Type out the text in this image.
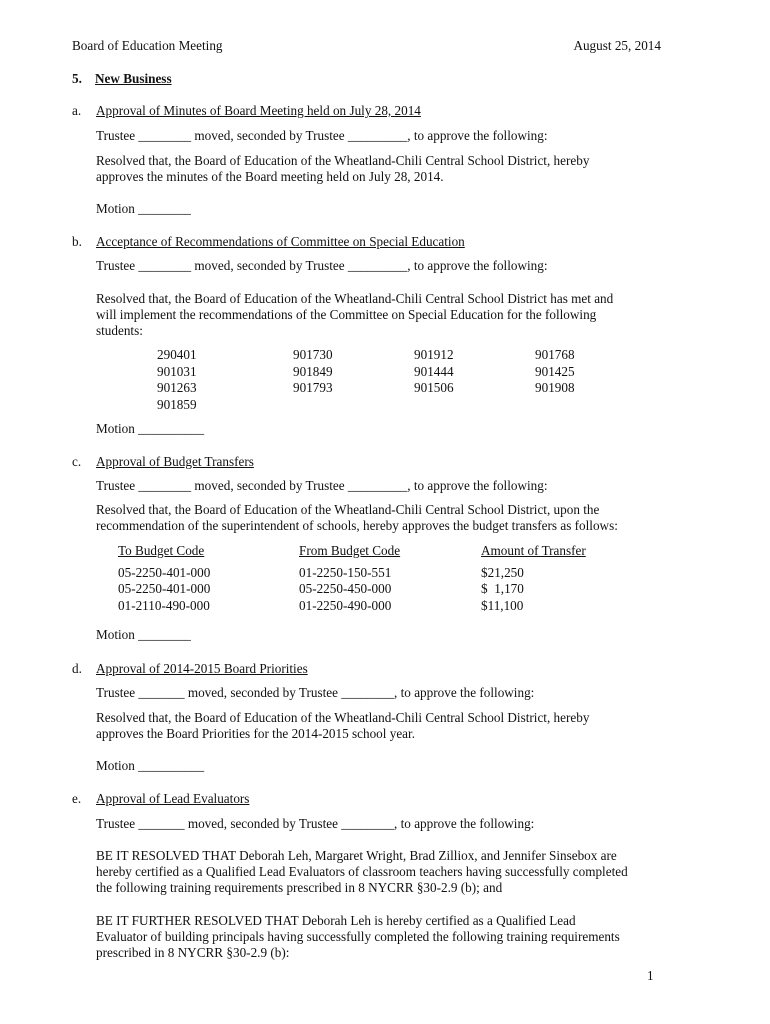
Board of Education Meeting	August 25, 2014
5. New Business
a. Approval of Minutes of Board Meeting held on July 28, 2014
Trustee ________ moved, seconded by Trustee _________, to approve the following:
Resolved that, the Board of Education of the Wheatland-Chili Central School District, hereby
approves the minutes of the Board meeting held on July 28, 2014.
Motion ________
b. Acceptance of Recommendations of Committee on Special Education
Trustee ________ moved, seconded by Trustee _________, to approve the following:
Resolved that, the Board of Education of the Wheatland-Chili Central School District has met and
will implement the recommendations of the Committee on Special Education for the following
students:
290401
901031
901263
901859
901730
901849
901793
901912
901444
901506
901768
901425
901908
Motion __________
c. Approval of Budget Transfers
Trustee ________ moved, seconded by Trustee _________, to approve the following:
Resolved that, the Board of Education of the Wheatland-Chili Central School District, upon the
recommendation of the superintendent of schools, hereby approves the budget transfers as follows:
To Budget Code
05-2250-401-000
05-2250-401-000
01-2110-490-000
From Budget Code
01-2250-150-551
05-2250-450-000
01-2250-490-000
Amount of Transfer
$21,250
$  1,170
$11,100
Motion ________
d. Approval of 2014-2015 Board Priorities
Trustee _______ moved, seconded by Trustee ________, to approve the following:
Resolved that, the Board of Education of the Wheatland-Chili Central School District, hereby
approves the Board Priorities for the 2014-2015 school year.
Motion __________
e. Approval of Lead Evaluators
Trustee _______ moved, seconded by Trustee ________, to approve the following:
BE IT RESOLVED THAT Deborah Leh, Margaret Wright, Brad Zilliox, and Jennifer Sinsebox are
hereby certified as a Qualified Lead Evaluators of classroom teachers having successfully completed
the following training requirements prescribed in 8 NYCRR §30-2.9 (b); and
BE IT FURTHER RESOLVED THAT Deborah Leh is hereby certified as a Qualified Lead
Evaluator of building principals having successfully completed the following training requirements
prescribed in 8 NYCRR §30-2.9 (b):
1
